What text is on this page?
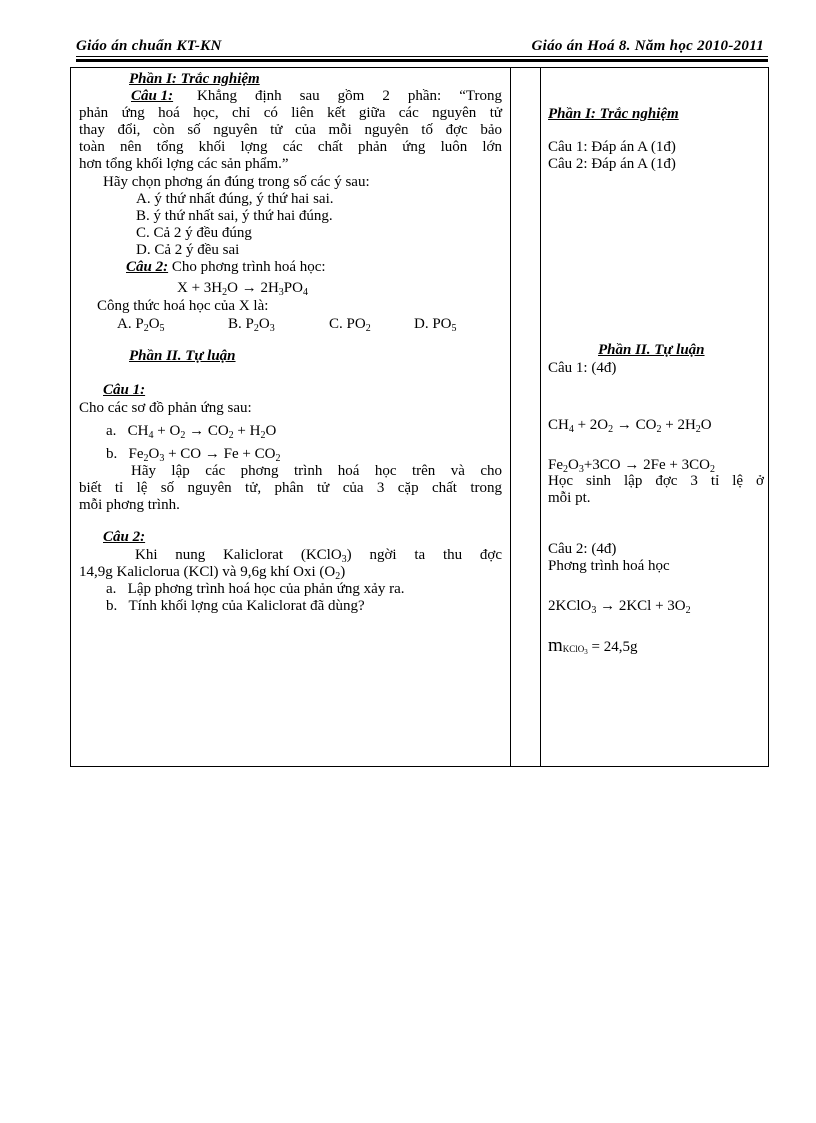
Giáo án chuẩn KT-KN	Giáo án Hoá 8. Năm học 2010-2011
Phần I: Trắc nghiệm
Câu 1: Khẳng định sau gồm 2 phần: “Trong
phản ứng hoá học, chỉ có liên kết giữa các nguyên tử
thay đổi, còn số nguyên tử của mỗi nguyên tố đợc bảo
toàn nên tổng khối lợng các chất phản ứng luôn lớn
hơn tổng khối lợng các sản phẩm.”
Hãy chọn phơng án đúng trong số các ý sau:
A. ý thứ nhất đúng, ý thứ hai sai.
B. ý thứ nhất sai, ý thứ hai đúng.
C. Cả 2 ý đều đúng
D. Cả 2 ý đều sai
Câu 2: Cho phơng trình hoá học:
$X + 3H_2O \to 2H_3PO_4$
Công thức hoá học của X là:
A. $P_2O_5$	B. $P_2O_3$	C. $PO_2$	D. $PO_5$
Phần II. Tự luận
Câu 1:
Cho các sơ đồ phản ứng sau:
a. $CH_4 + O_2 \to CO_2 + H_2O$
b. $Fe_2O_3$ + CO → $Fe + CO_2$
Hãy lập các phơng trình hoá học trên và cho
biết tỉ lệ số nguyên tử, phân tử của 3 cặp chất trong
mỗi phơng trình.
Câu 2:
Khi nung Kaliclorat (KClO$_3$) ngời ta thu đợc
14,9g Kaliclorua (KCl) và 9,6g khí Oxi $(O_2)$
a. Lập phơng trình hoá học của phản ứng xảy ra.
b. Tính khối lợng của Kaliclorat đã dùng?
Phần I: Trắc nghiệm
Câu 1: Đáp án A (1đ)
Câu 2: Đáp án A (1đ)
Phần II. Tự luận
Câu 1: (4đ)
$CH_4 + 2O_2 \to CO_2 + 2H_2O$
$Fe_2O_3+3CO \to 2Fe + 3CO_2$
Học sinh lập đợc 3 tỉ lệ ở
mỗi pt.
Câu 2: (4đ)
Phơng trình hoá học
2KClO$_3$ → $2KCl + 3O_2$
mKClO$_3$ = 24,5g
